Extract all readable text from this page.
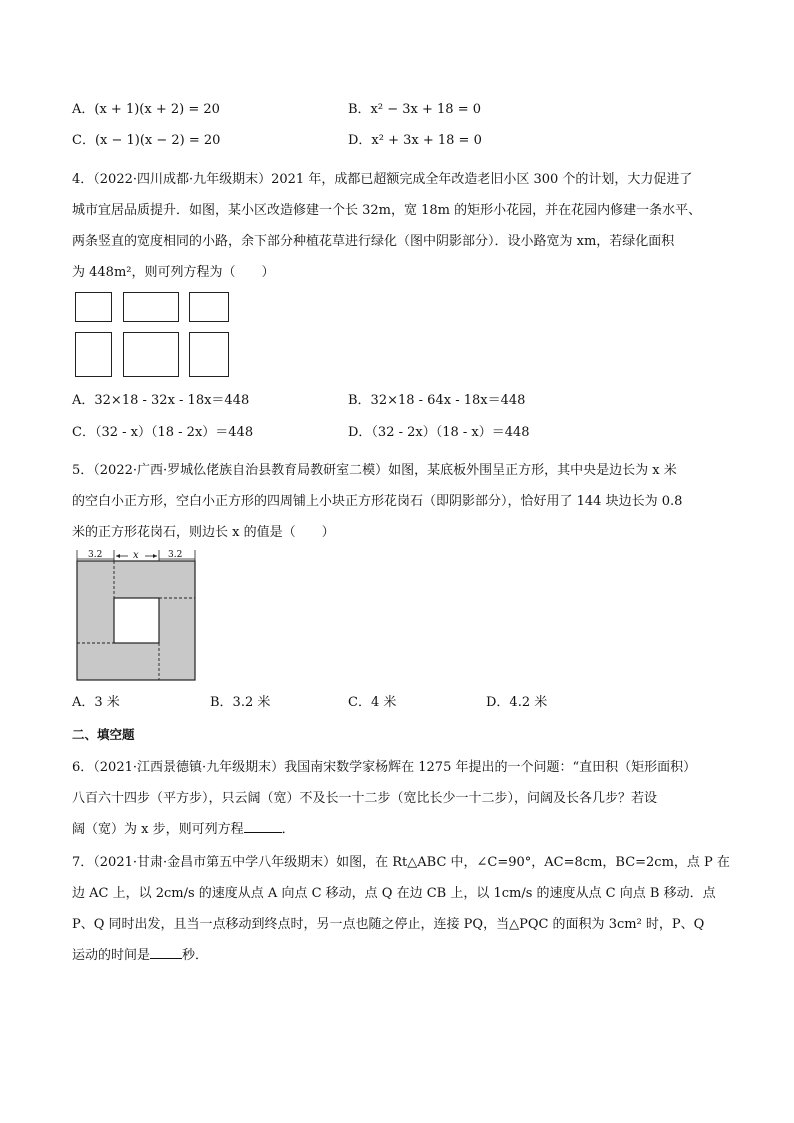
A．(x + 1)(x + 2) = 20	B．x² − 3x + 18 = 0
C．(x − 1)(x − 2) = 20	D．x² + 3x + 18 = 0
4．（2022·四川成都·九年级期末）2021 年，成都已超额完成全年改造老旧小区 300 个的计划，大力促进了
城市宜居品质提升．如图，某小区改造修建一个长 32m，宽 18m 的矩形小花园，并在花园内修建一条水平、
两条竖直的宽度相同的小路，余下部分种植花草进行绿化（图中阴影部分）．设小路宽为 xm，若绿化面积
为 448m²，则可列方程为（　　）
A．32×18 - 32x - 18x＝448	B．32×18 - 64x - 18x＝448
C．（32 - x）（18 - 2x）＝448	D．（32 - 2x）（18 - x）＝448
5．（2022·广西·罗城仫佬族自治县教育局教研室二模）如图，某底板外围呈正方形，其中央是边长为 x 米
的空白小正方形，空白小正方形的四周铺上小块正方形花岗石（即阴影部分），恰好用了 144 块边长为 0.8
米的正方形花岗石，则边长 x 的值是（　　）
3.2	x	3.2
A．3 米	B．3.2 米	C．4 米	D．4.2 米
二、填空题
6．（2021·江西景德镇·九年级期末）我国南宋数学家杨辉在 1275 年提出的一个问题：“直田积（矩形面积）
八百六十四步（平方步），只云阔（宽）不及长一十二步（宽比长少一十二步），问阔及长各几步？若设
阔（宽）为 x 步，则可列方程	．
7．（2021·甘肃·金昌市第五中学八年级期末）如图，在 Rt△ABC 中，∠C=90°，AC=8cm，BC=2cm，点 P 在
边 AC 上，以 2cm/s 的速度从点 A 向点 C 移动，点 Q 在边 CB 上，以 1cm/s 的速度从点 C 向点 B 移动．点
P、Q 同时出发，且当一点移动到终点时，另一点也随之停止，连接 PQ，当△PQC 的面积为 3cm² 时，P、Q
运动的时间是 秒．
